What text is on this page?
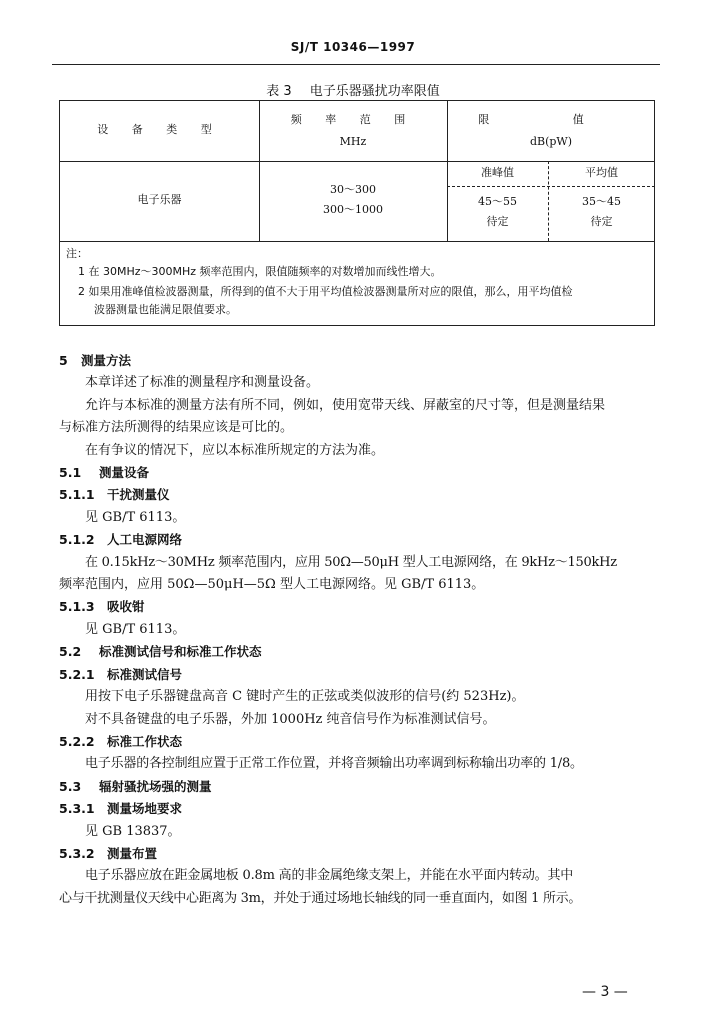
SJ/T 10346—1997
表 3 电子乐器骚扰功率限值
设 备 类 型
频 率 范 围
MHz
限 值
dB(pW)
准峰值	平均值
电子乐器
30～300
300～1000
45～55
待定
35～45
待定
注：
1 在 30MHz～300MHz 频率范围内，限值随频率的对数增加而线性增大。
2 如果用准峰值检波器测量，所得到的值不大于用平均值检波器测量所对应的限值，那么，用平均值检
波器测量也能满足限值要求。
5 测量方法
本章详述了标准的测量程序和测量设备。
允许与本标准的测量方法有所不同，例如，使用宽带天线、屏蔽室的尺寸等，但是测量结果
与标准方法所测得的结果应该是可比的。
在有争议的情况下，应以本标准所规定的方法为准。
5.1 测量设备
5.1.1 干扰测量仪
见 GB/T 6113。
5.1.2 人工电源网络
在 0.15kHz～30MHz 频率范围内，应用 50Ω—50μH 型人工电源网络，在 9kHz～150kHz
频率范围内，应用 50Ω—50μH—5Ω 型人工电源网络。见 GB/T 6113。
5.1.3 吸收钳
见 GB/T 6113。
5.2 标准测试信号和标准工作状态
5.2.1 标准测试信号
用按下电子乐器键盘高音 C 键时产生的正弦或类似波形的信号(约 523Hz)。
对不具备键盘的电子乐器，外加 1000Hz 纯音信号作为标准测试信号。
5.2.2 标准工作状态
电子乐器的各控制组应置于正常工作位置，并将音频输出功率调到标称输出功率的 1/8。
5.3 辐射骚扰场强的测量
5.3.1 测量场地要求
见 GB 13837。
5.3.2 测量布置
电子乐器应放在距金属地板 0.8m 高的非金属绝缘支架上，并能在水平面内转动。其中
心与干扰测量仪天线中心距离为 3m，并处于通过场地长轴线的同一垂直面内，如图 1 所示。
— 3 —
